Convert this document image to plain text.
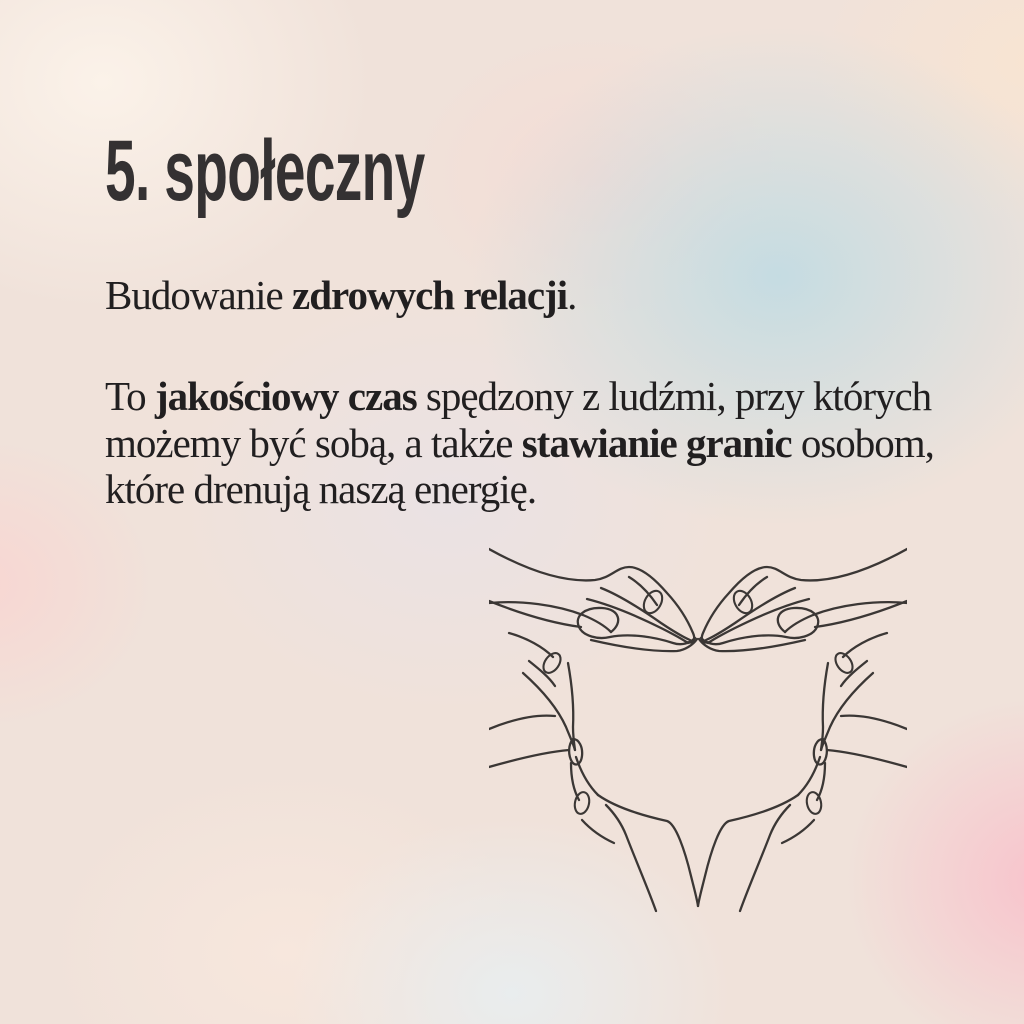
5. społeczny

Budowanie zdrowych relacji.

To jakościowy czas spędzony z ludźmi, przy których
możemy być sobą, a także stawianie granic osobom,
które drenują naszą energię.
